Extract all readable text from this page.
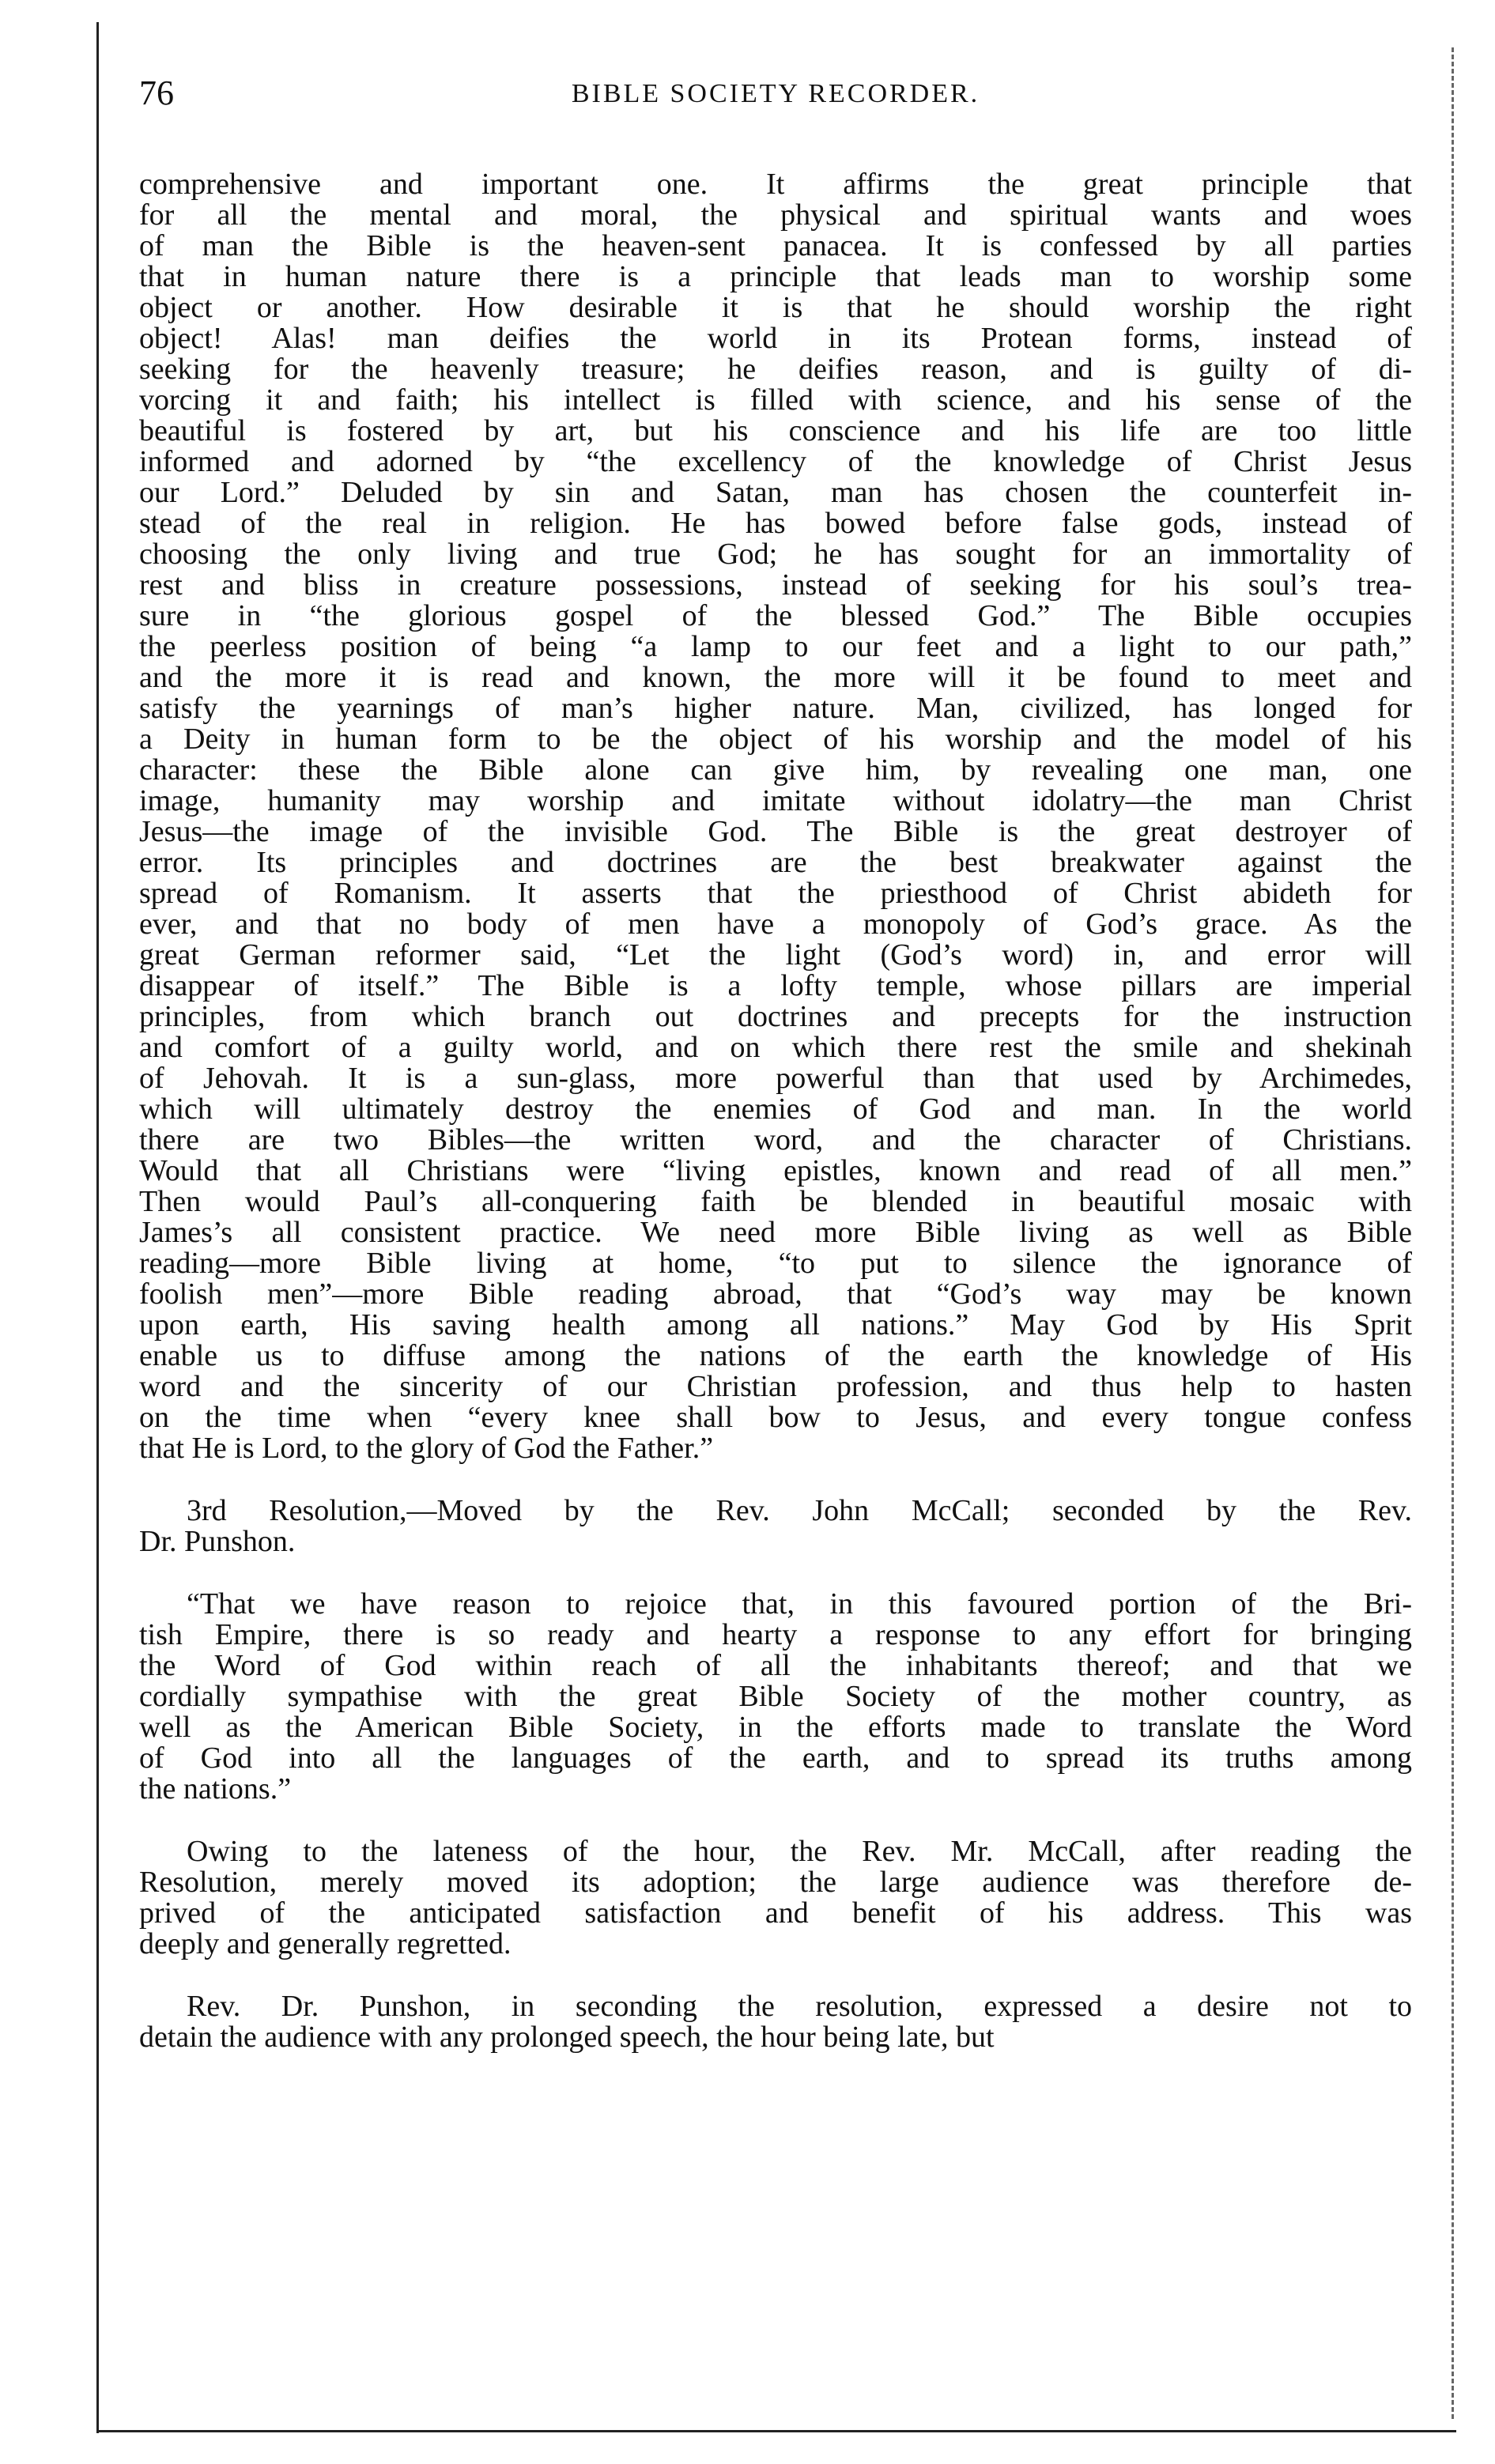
76	BIBLE SOCIETY RECORDER.

comprehensive and important one. It affirms the great principle that
for all the mental and moral, the physical and spiritual wants and woes
of man the Bible is the heaven-sent panacea. It is confessed by all parties
that in human nature there is a principle that leads man to worship some
object or another. How desirable it is that he should worship the right
object! Alas! man deifies the world in its Protean forms, instead of
seeking for the heavenly treasure; he deifies reason, and is guilty of di-
vorcing it and faith; his intellect is filled with science, and his sense of the
beautiful is fostered by art, but his conscience and his life are too little
informed and adorned by “the excellency of the knowledge of Christ Jesus
our Lord.” Deluded by sin and Satan, man has chosen the counterfeit in-
stead of the real in religion. He has bowed before false gods, instead of
choosing the only living and true God; he has sought for an immortality of
rest and bliss in creature possessions, instead of seeking for his soul’s trea-
sure in “the glorious gospel of the blessed God.” The Bible occupies
the peerless position of being “a lamp to our feet and a light to our path,”
and the more it is read and known, the more will it be found to meet and
satisfy the yearnings of man’s higher nature. Man, civilized, has longed for
a Deity in human form to be the object of his worship and the model of his
character: these the Bible alone can give him, by revealing one man, one
image, humanity may worship and imitate without idolatry—the man Christ
Jesus—the image of the invisible God. The Bible is the great destroyer of
error. Its principles and doctrines are the best breakwater against the
spread of Romanism. It asserts that the priesthood of Christ abideth for
ever, and that no body of men have a monopoly of God’s grace. As the
great German reformer said, “Let the light (God’s word) in, and error will
disappear of itself.” The Bible is a lofty temple, whose pillars are imperial
principles, from which branch out doctrines and precepts for the instruction
and comfort of a guilty world, and on which there rest the smile and shekinah
of Jehovah. It is a sun-glass, more powerful than that used by Archimedes,
which will ultimately destroy the enemies of God and man. In the world
there are two Bibles—the written word, and the character of Christians.
Would that all Christians were “living epistles, known and read of all men.”
Then would Paul’s all-conquering faith be blended in beautiful mosaic with
James’s all consistent practice. We need more Bible living as well as Bible
reading—more Bible living at home, “to put to silence the ignorance of
foolish men”—more Bible reading abroad, that “God’s way may be known
upon earth, His saving health among all nations.” May God by His Sprit
enable us to diffuse among the nations of the earth the knowledge of His
word and the sincerity of our Christian profession, and thus help to hasten
on the time when “every knee shall bow to Jesus, and every tongue confess
that He is Lord, to the glory of God the Father.”

3rd Resolution,—Moved by the Rev. John McCall; seconded by the Rev.
Dr. Punshon.

“That we have reason to rejoice that, in this favoured portion of the Bri-
tish Empire, there is so ready and hearty a response to any effort for bringing
the Word of God within reach of all the inhabitants thereof; and that we
cordially sympathise with the great Bible Society of the mother country, as
well as the American Bible Society, in the efforts made to translate the Word
of God into all the languages of the earth, and to spread its truths among
the nations.”

Owing to the lateness of the hour, the Rev. Mr. McCall, after reading the
Resolution, merely moved its adoption; the large audience was therefore de-
prived of the anticipated satisfaction and benefit of his address. This was
deeply and generally regretted.

Rev. Dr. Punshon, in seconding the resolution, expressed a desire not to
detain the audience with any prolonged speech, the hour being late, but
